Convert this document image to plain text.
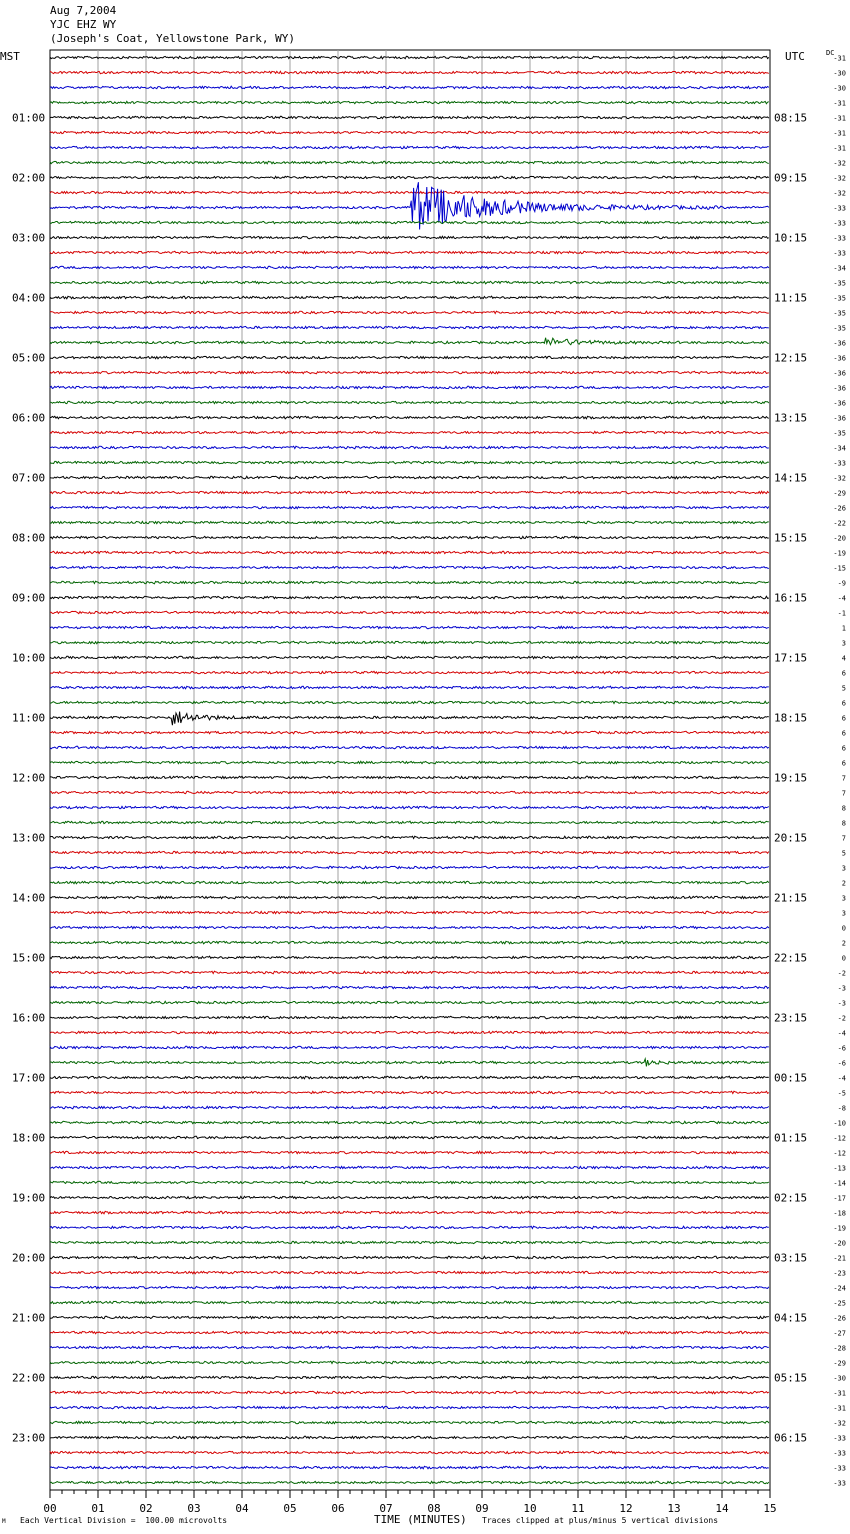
Aug 7,2004
YJC EHZ WY
(Joseph's Coat, Yellowstone Park, WY)
MST	UTC	DC
01:00
02:00
03:00
04:00
05:00
06:00
07:00
08:00
09:00
10:00
11:00
12:00
13:00
14:00
15:00
16:00
17:00
18:00
19:00
20:00
21:00
22:00
23:00
08:15
09:15
10:15
11:15
12:15
13:15
14:15
15:15
16:15
17:15
18:15
19:15
20:15
21:15
22:15
23:15
00:15
01:15
02:15
03:15
04:15
05:15
06:15
-31
-30
-30
-31
-31
-31
-31
-32
-32
-32
-33
-33
-33
-33
-34
-35
-35
-35
-35
-36
-36
-36
-36
-36
-36
-35
-34
-33
-32
-29
-26
-22
-20
-19
-15
-9
-4
-1
1
3
4
6
5
6
6
6
6
6
7
7
8
8
7
5
3
2
3
3
0
2
0
-2
-3
-3
-2
-4
-6
-6
-4
-5
-8
-10
-12
-12
-13
-14
-17
-18
-19
-20
-21
-23
-24
-25
-26
-27
-28
-29
-30
-31
-31
-32
-33
-33
-33
-33
00	01	02	03	04	05	06	07	08	09	10	11	12	13	14	15
M Each Vertical Division =  100.00 microvolts	TIME (MINUTES) Traces clipped at plus/minus 5 vertical divisions
